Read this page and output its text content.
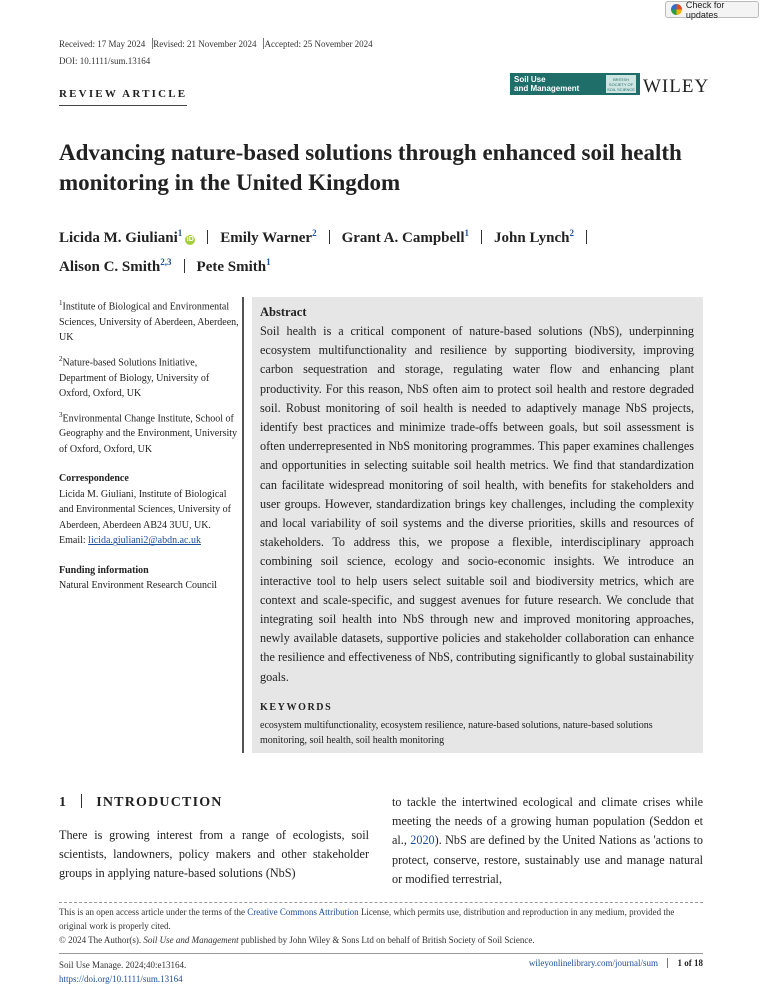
Check for updates
Received: 17 May 2024 Revised: 21 November 2024 Accepted: 25 November 2024
DOI: 10.1111/sum.13164
REVIEW ARTICLE
Soil Use
and Management
BRITISH SOCIETY OF SOIL SCIENCE WILEY
Advancing nature-based solutions through enhanced soil health monitoring in the United Kingdom
Licida M. Giuliani$^1$iD Emily Warner$^2$ Grant A. Campbell$^1$ John Lynch$^2$
Alison C. Smith$^{2,3}$ Pete Smith$^1$

$^1$Institute of Biological and Environmental Sciences, University of Aberdeen, Aberdeen, UK

$^2$Nature-based Solutions Initiative, Department of Biology, University of Oxford, Oxford, UK

$^3$Environmental Change Institute, School of Geography and the Environment, University of Oxford, Oxford, UK

Correspondence
Licida M. Giuliani, Institute of Biological and Environmental Sciences, University of Aberdeen, Aberdeen AB24 3UU, UK.
Email: licida.giuliani2@abdn.ac.uk
Funding information
Natural Environment Research Council
Abstract
Soil health is a critical component of nature-based solutions (NbS), underpinning ecosystem multifunctionality and resilience by supporting biodiversity, improving carbon sequestration and storage, regulating water flow and enhancing plant productivity. For this reason, NbS often aim to protect soil health and restore degraded soil. Robust monitoring of soil health is needed to adaptively manage NbS projects, identify best practices and minimize trade-offs between goals, but soil assessment is often underrepresented in NbS monitoring programmes. This paper examines challenges and opportunities in selecting suitable soil health metrics. We find that standardization can facilitate widespread monitoring of soil health, with benefits for stakeholders and user groups. However, standardization brings key challenges, including the complexity and local variability of soil systems and the diverse priorities, skills and resources of stakeholders. To address this, we propose a flexible, interdisciplinary approach combining soil science, ecology and socio-economic insights. We introduce an interactive tool to help users select suitable soil and biodiversity metrics, which are context and scale-specific, and suggest avenues for future research. We conclude that integrating soil health into NbS through new and improved monitoring approaches, newly available datasets, supportive policies and stakeholder collaboration can enhance the resilience and effectiveness of NbS, contributing significantly to global sustainability goals.
KEYWORDS
ecosystem multifunctionality, ecosystem resilience, nature-based solutions, nature-based solutions monitoring, soil health, soil health monitoring
1 INTRODUCTION
There is growing interest from a range of ecologists, soil scientists, landowners, policy makers and other stakeholder groups in applying nature-based solutions (NbS)
to tackle the intertwined ecological and climate crises while meeting the needs of a growing human population (Seddon et al., 2020). NbS are defined by the United Nations as 'actions to protect, conserve, restore, sustainably use and manage natural or modified terrestrial,
This is an open access article under the terms of the Creative Commons Attribution License, which permits use, distribution and reproduction in any medium, provided the original work is properly cited.
© 2024 The Author(s). Soil Use and Management published by John Wiley & Sons Ltd on behalf of British Society of Soil Science.
Soil Use Manage. 2024;40:e13164.
https://doi.org/10.1111/sum.13164
wileyonlinelibrary.com/journal/sum 1 of 18
